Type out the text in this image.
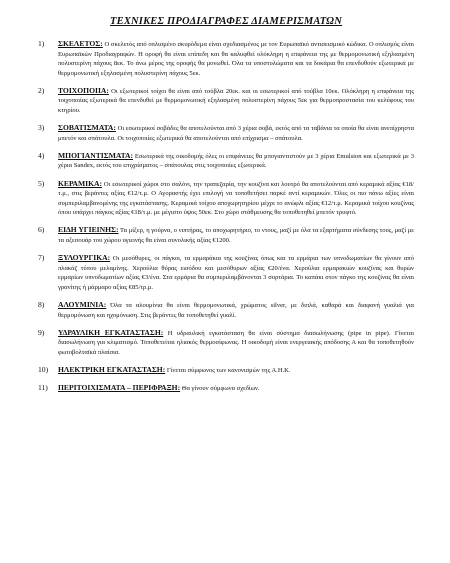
ΤΕΧΝΙΚΕΣ ΠΡΟΔΙΑΓΡΑΦΕΣ ΔΙΑΜΕΡΙΣΜΑΤΩΝ
1)	ΣΚΕΛΕΤΟΣ: Ο σκελετός από οπλισμένο σκυρόδεμα είναι σχεδιασμένος με τον Ευρωπαϊκό αντισεισμικό κώδικα. Ο οπλισμός είναι Ευρωπαϊκών Προδιαγραφών. Η οροφή θα είναι επίπεδη και θα καλυφθεί ολόκληρη η επιφάνεια της με θερμομονωτική εξηλασμένη πολυστερίνη πάχους 8εκ. Το άνω μέρος της οροφής θα μονωθεί. Όλα τα υποστυλώματα και τα δοκάρια θα επενδυθούν εξωτερικά με θερμομονωτική εξηλασμένη πολυστερίνη πάχους 5εκ.
2)	ΤΟΙΧΟΠΟΙΙΑ: Οι εξωτερικοί τοίχοι θα είναι από τούβλα 20εκ. και οι εσωτερικοί από τούβλα 10εκ. Ολόκληρη η επιφάνεια της τοιχοποιίας εξωτερικά θα επενδυθεί με θερμομονωτική εξηλασμένη πολυστερίνη πάχους 5εκ για θερμοπροστασία του κελύφους του κτηρίου.
3)	ΣΟΒΑΤΙΣΜΑΤΑ: Οι εσωτερικοί σοβάδες θα αποτελούνται από 3 χέρια σοβά, εκτός από τα ταβάνια τα οποία θα είναι ανεπίχρηστα μπετόν και σπάτουλα. Οι τοιχοποιίες εξωτερικά θα αποτελούνται από επίχρισμα – σπάτουλα.
4)	ΜΠΟΓΙΑΝΤΙΣΜΑΤΑ: Εσωτερικά της οικοδομής όλες οι επιφάνειες θα μπογιαντιστούν με 3 χέρια Emulsion και εξωτερικά με 3 χέρια Sandex, εκτός του επιχρίσματος – σπάτουλας στις τοιχοποιίες εξωτερικά.
5)	ΚΕΡΑΜΙΚΑ: Οι εσωτερικοί χώροι στο σαλόνι, την τραπεζαρία, την κουζίνα και λουτρό θα αποτελούνται από κεραμικά αξίας €18/τ.μ., στις βεράντες αξίας €12/τ.μ. Ο Αγοραστής έχει επιλογή να τοποθετήσει παρκέ αντί κεραμικών. Όλες οι πιο πάνω αξίες είναι συμπεριλαμβανομένης της εγκατάστασης. Κεραμικά τοίχου αποχωρητηρίου μέχρι το ανώφλι αξίας €12/τ.μ. Κεραμικά τοίχου κουζίνας όπου υπάρχει πάγκος αξίας €18/τ.μ. με μέγιστο ύψος 50εκ. Στο χώρο στάθμευσης θα τοποθετηθεί μπετόν τρυφτό.
6)	ΕΙΔΗ ΥΓΙΕΙΝΗΣ: Τα μίξερ, η γούρνα, ο νιπτήρας, το αποχωρητήριο, το ντους, μαζί με όλα τα εξαρτήματα σύνδεσης τους, μαζί με τα αξεσουάρ του χώρου υγιεινής θα είναι συνολικής αξίας €1200.
7)	ΞΥΛΟΥΡΓΙΚΑ: Οι μεσόθυρες, οι πάγκοι, τα ερμαράκια της κουζίνας όπως και τα ερμάρια των υπνοδωματίων θα γίνουν από πλακάζ τύπου μελαμίνης. Χερούλια θύρας εισόδου και μεσόθυρων αξίας €20/ένα. Χερούλια ερμαρακιών κουζίνας και θυρών ερμαρίων υπνοδωματίων αξίας €3/ένα. Στα ερμάρια θα συμπεριλαμβάνονται 3 συρτάρια. Το καπάκι στον πάγκο της κουζίνας θα είναι γρανίτης ή μάρμαρο αξίας €85/τρ.μ.
8)	ΑΛΟΥΜΙΝΙΑ: Όλα τα αλουμίνια θα είναι θερμομονωτικά, χρώματος silver, με διπλά, καθαρά και διαφανή γυαλιά για θερμομόνωση και ηχομόνωση. Στις βεράντες θα τοποθετηθεί γυαλί.
9)	ΥΔΡΑΥΛΙΚΗ ΕΓΚΑΤΑΣΤΑΣΗ: Η υδραυλική εγκατάσταση θα είναι σύστημα διασωλήνωσης (pipe in pipe). Γίνεται διασωλήνωση για κλιματισμό. Τοποθετείται ηλιακός θερμοσίφωνας. Η οικοδομή είναι ενεργειακής απόδοσης Α και θα τοποθετηθούν φωτοβολταϊκά πλαίσια.
10)	ΗΛΕΚΤΡΙΚΗ ΕΓΚΑΤΑΣΤΑΣΗ: Γίνεται σύμφωνος των κανονισμών της Α.Η.Κ.
11)	ΠΕΡΙΤΟΙΧΙΣΜΑΤΑ – ΠΕΡΙΦΡΑΞΗ: Θα γίνουν σύμφωνα σχεδίων.
